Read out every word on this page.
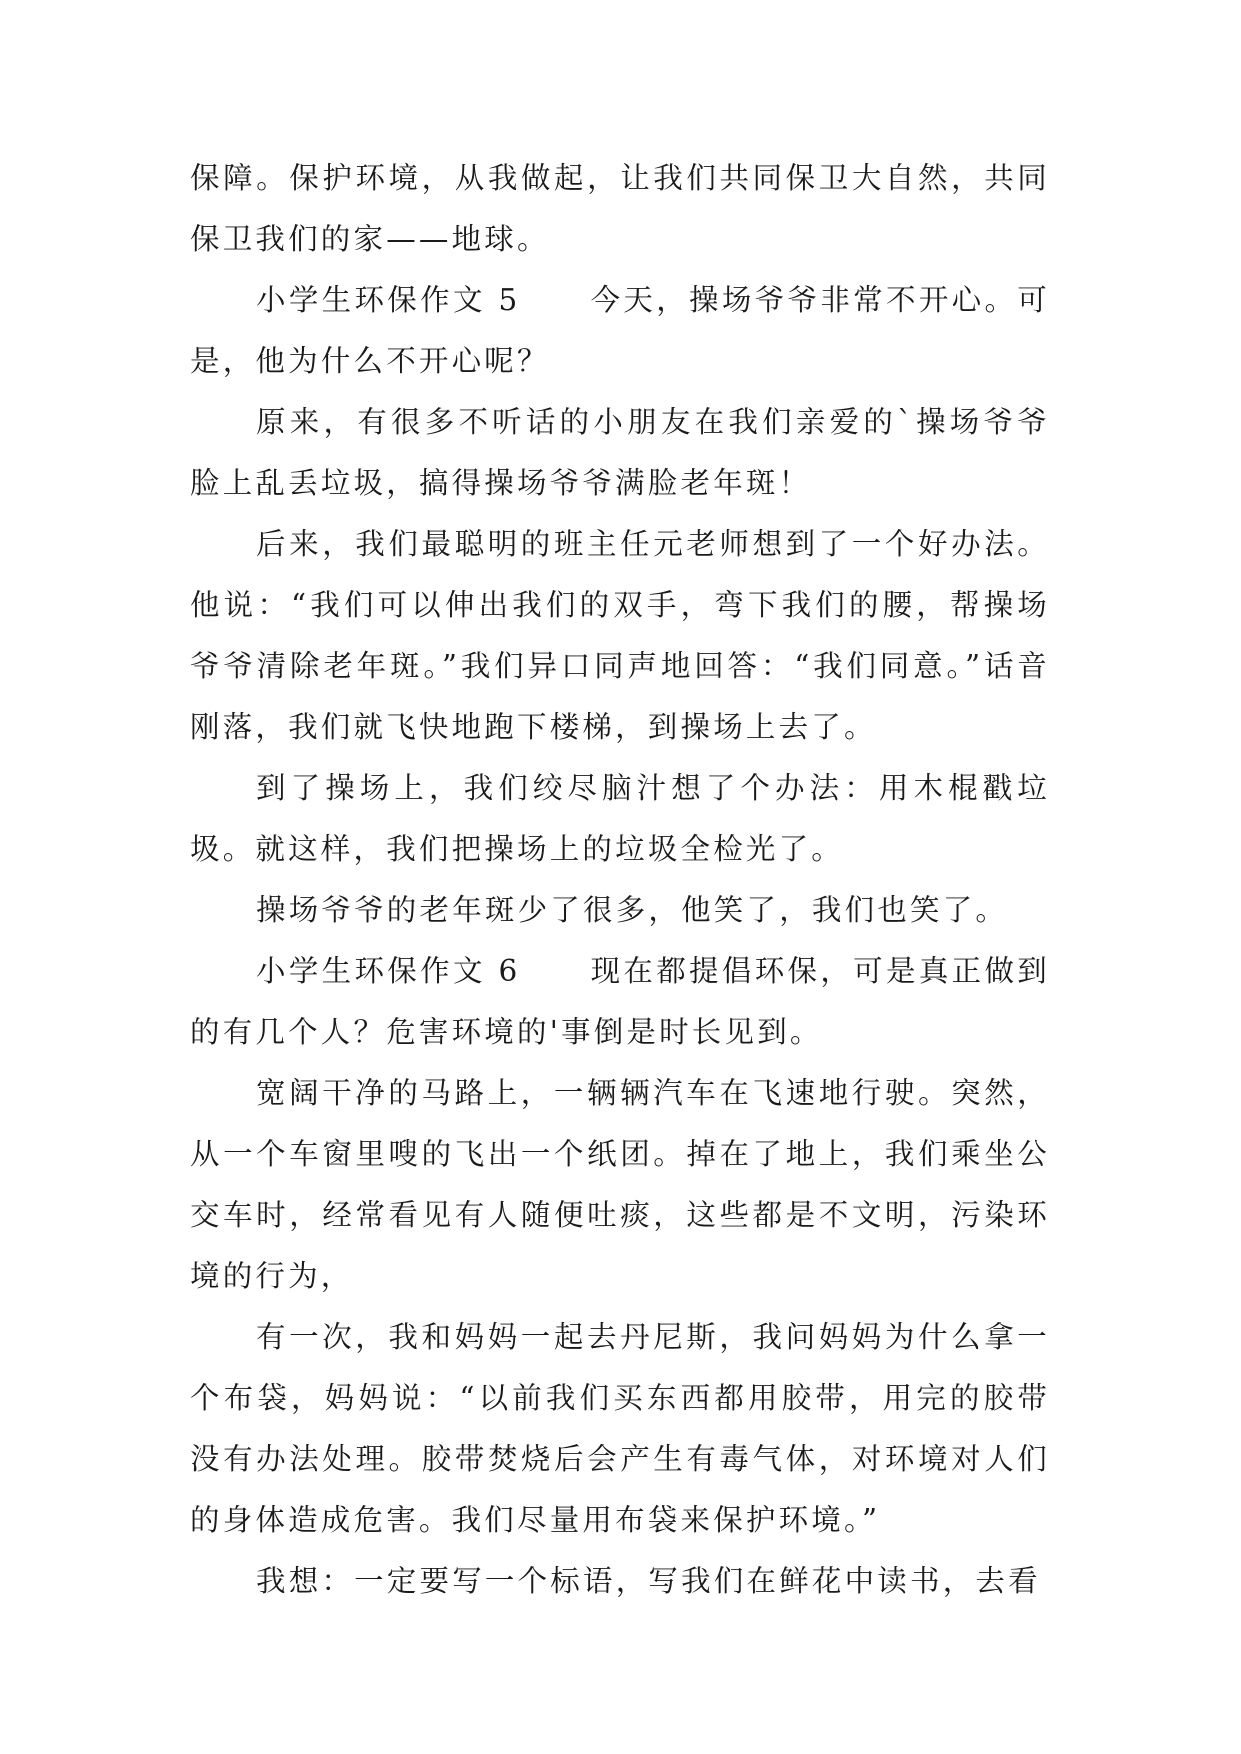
保障。保护环境，从我做起，让我们共同保卫大自然，共同保卫我们的家——地球。

小学生环保作文 5 今天，操场爷爷非常不开心。可是，他为什么不开心呢？

原来，有很多不听话的小朋友在我们亲爱的`操场爷爷脸上乱丢垃圾，搞得操场爷爷满脸老年斑！

后来，我们最聪明的班主任元老师想到了一个好办法。他说：“我们可以伸出我们的双手，弯下我们的腰，帮操场爷爷清除老年斑。”我们异口同声地回答：“我们同意。”话音刚落，我们就飞快地跑下楼梯，到操场上去了。

到了操场上，我们绞尽脑汁想了个办法：用木棍戳垃圾。就这样，我们把操场上的垃圾全检光了。

操场爷爷的老年斑少了很多，他笑了，我们也笑了。

小学生环保作文 6 现在都提倡环保，可是真正做到的有几个人？危害环境的'事倒是时长见到。

宽阔干净的马路上，一辆辆汽车在飞速地行驶。突然，从一个车窗里嗖的飞出一个纸团。掉在了地上，我们乘坐公交车时，经常看见有人随便吐痰，这些都是不文明，污染环境的行为，

有一次，我和妈妈一起去丹尼斯，我问妈妈为什么拿一个布袋，妈妈说：“以前我们买东西都用胶带，用完的胶带没有办法处理。胶带焚烧后会产生有毒气体，对环境对人们的身体造成危害。我们尽量用布袋来保护环境。”

我想：一定要写一个标语，写我们在鲜花中读书，去看
